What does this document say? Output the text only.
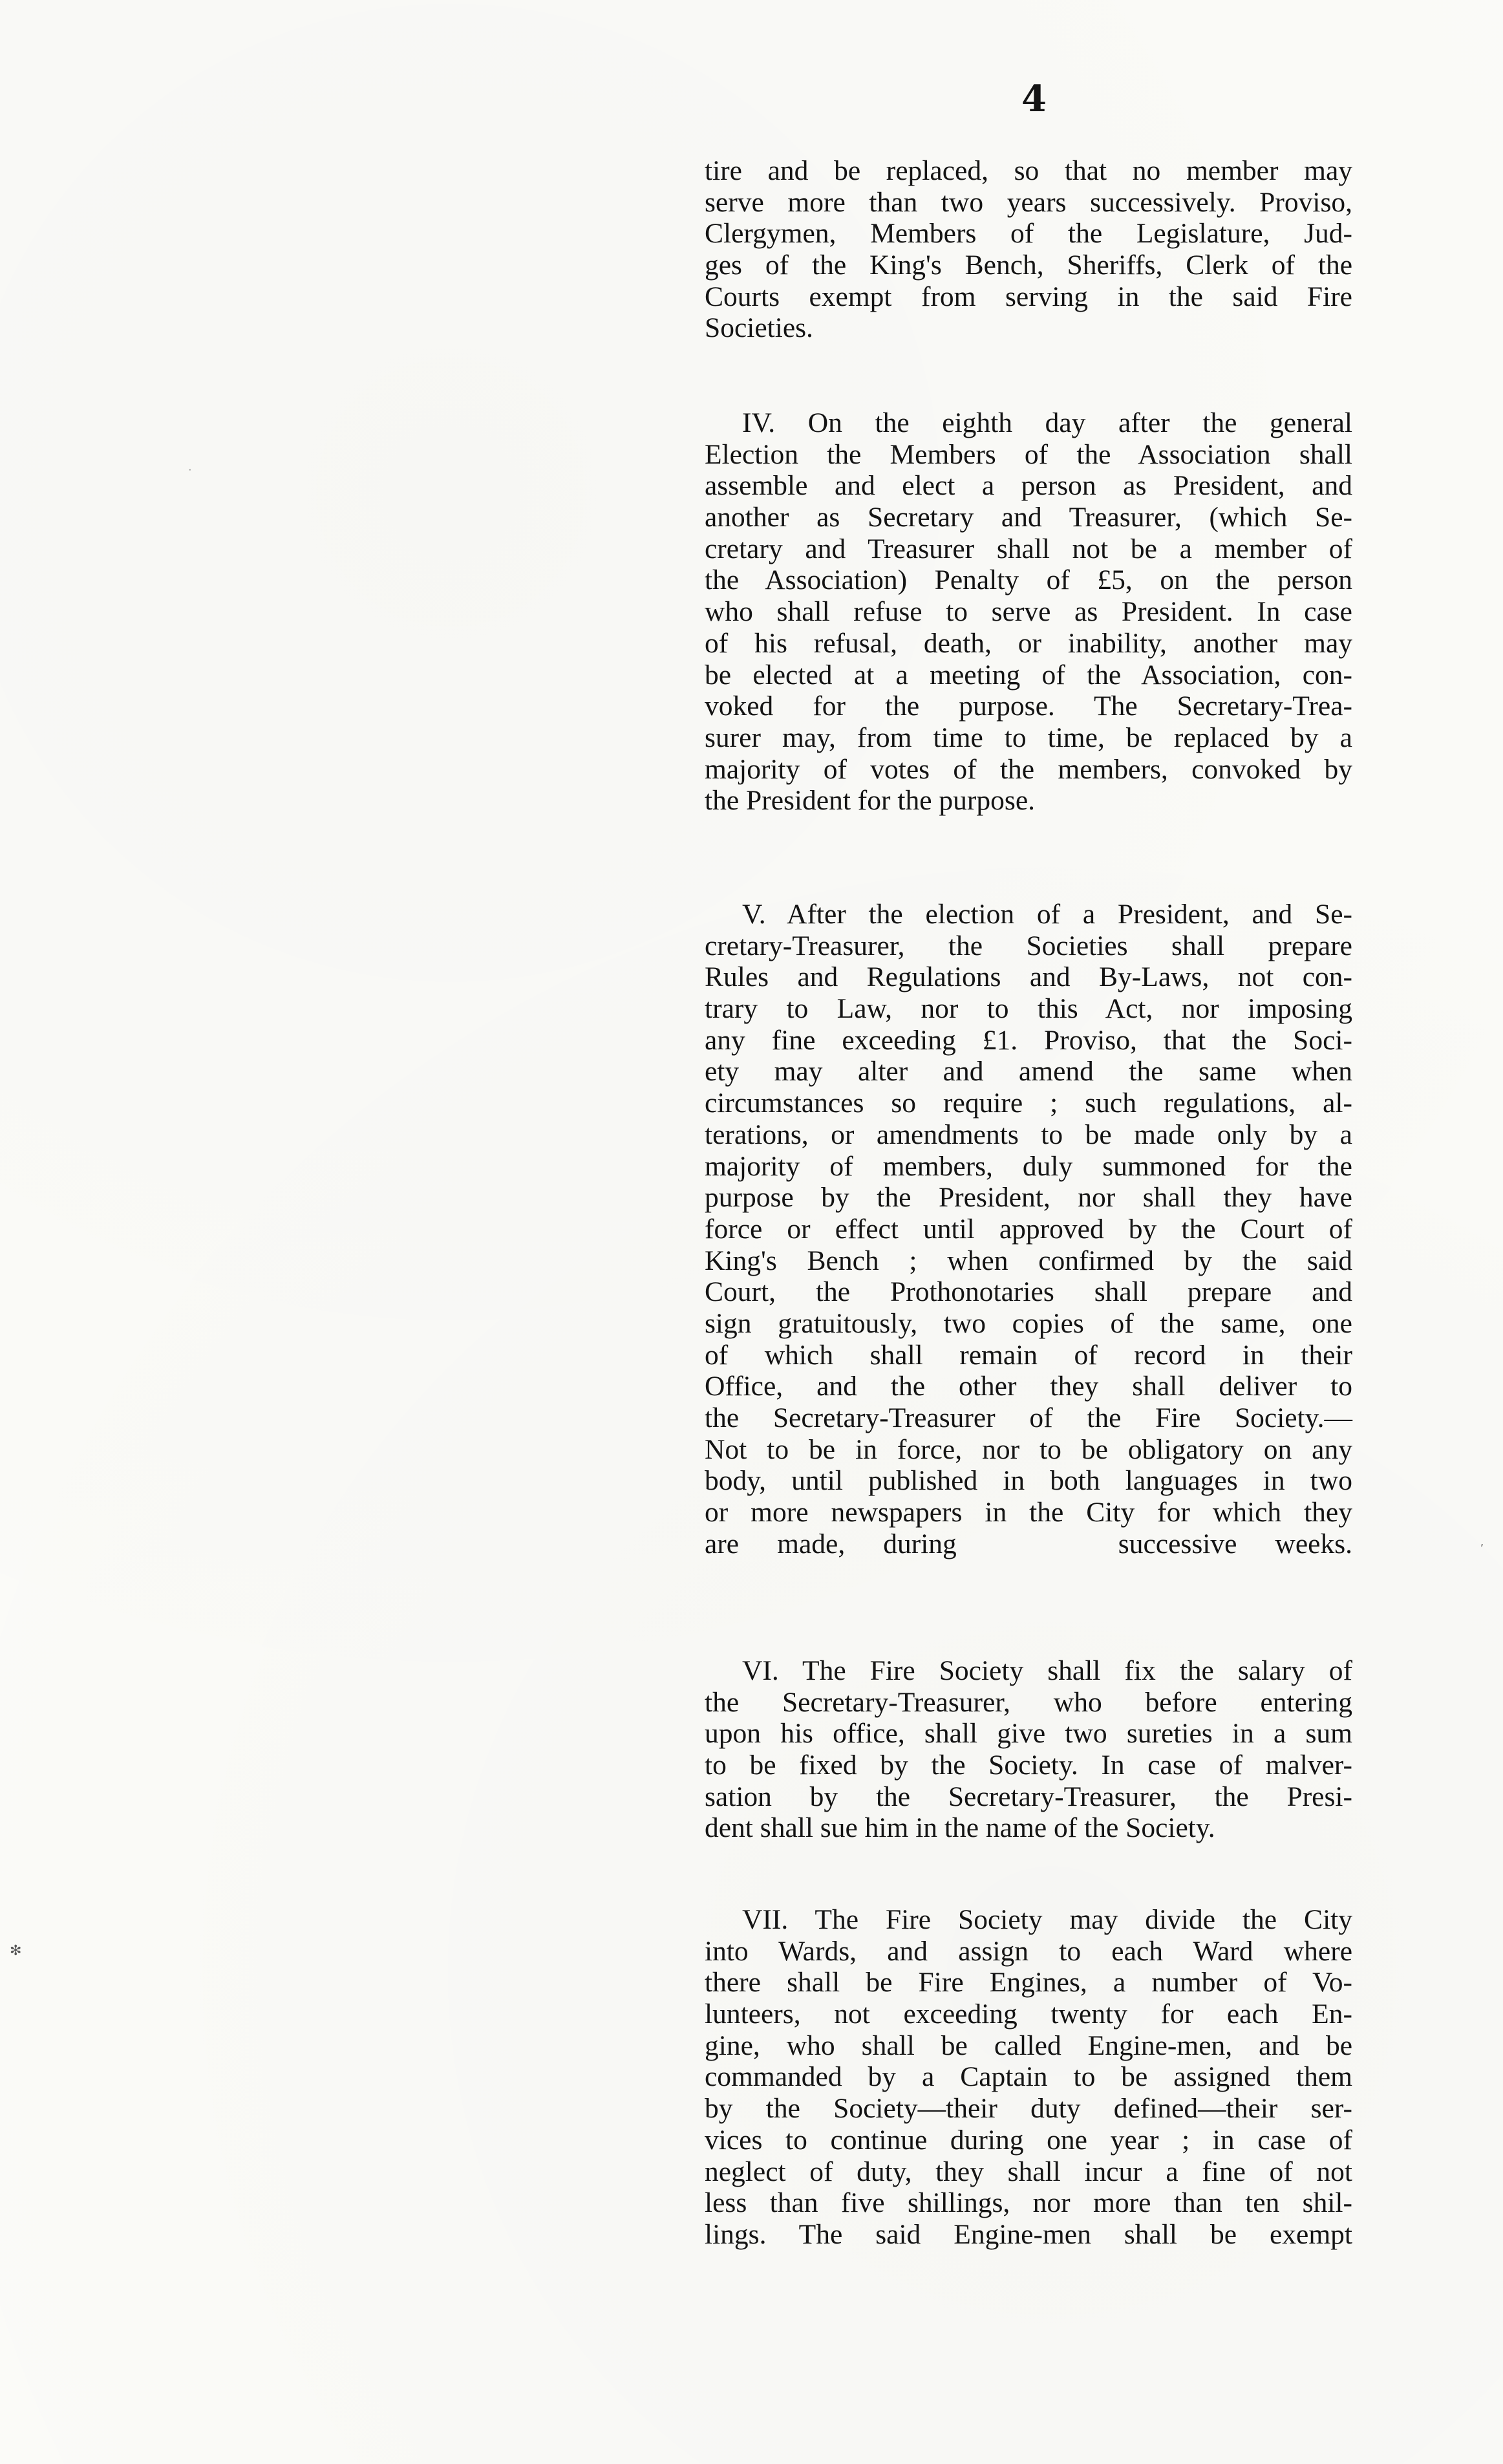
4
tire and be replaced, so that no member may
serve more than two years successively. Proviso,
Clergymen, Members of the Legislature, Jud-
ges of the King's Bench, Sheriffs, Clerk of the
Courts exempt from serving in the said Fire
Societies.
IV. On the eighth day after the general
Election the Members of the Association shall
assemble and elect a person as President, and
another as Secretary and Treasurer, (which Se-
cretary and Treasurer shall not be a member of
the Association) Penalty of £5, on the person
who shall refuse to serve as President. In case
of his refusal, death, or inability, another may
be elected at a meeting of the Association, con-
voked for the purpose. The Secretary-Trea-
surer may, from time to time, be replaced by a
majority of votes of the members, convoked by
the President for the purpose.
V. After the election of a President, and Se-
cretary-Treasurer, the Societies shall prepare
Rules and Regulations and By-Laws, not con-
trary to Law, nor to this Act, nor imposing
any fine exceeding £1. Proviso, that the Soci-
ety may alter and amend the same when
circumstances so require ; such regulations, al-
terations, or amendments to be made only by a
majority of members, duly summoned for the
purpose by the President, nor shall they have
force or effect until approved by the Court of
King's Bench ; when confirmed by the said
Court, the Prothonotaries shall prepare and
sign gratuitously, two copies of the same, one
of which shall remain of record in their
Office, and the other they shall deliver to
the Secretary-Treasurer of the Fire Society.—
Not to be in force, nor to be obligatory on any
body, until published in both languages in two
or more newspapers in the City for which they
are made, during	successive weeks.
VI. The Fire Society shall fix the salary of
the Secretary-Treasurer, who before entering
upon his office, shall give two sureties in a sum
to be fixed by the Society. In case of malver-
sation by the Secretary-Treasurer, the Presi-
dent shall sue him in the name of the Society.
VII. The Fire Society may divide the City
into Wards, and assign to each Ward where
there shall be Fire Engines, a number of Vo-
lunteers, not exceeding twenty for each En-
gine, who shall be called Engine-men, and be
commanded by a Captain to be assigned them
by the Society—their duty defined—their ser-
vices to continue during one year ; in case of
neglect of duty, they shall incur a fine of not
less than five shillings, nor more than ten shil-
lings. The said Engine-men shall be exempt
✻
·
,
